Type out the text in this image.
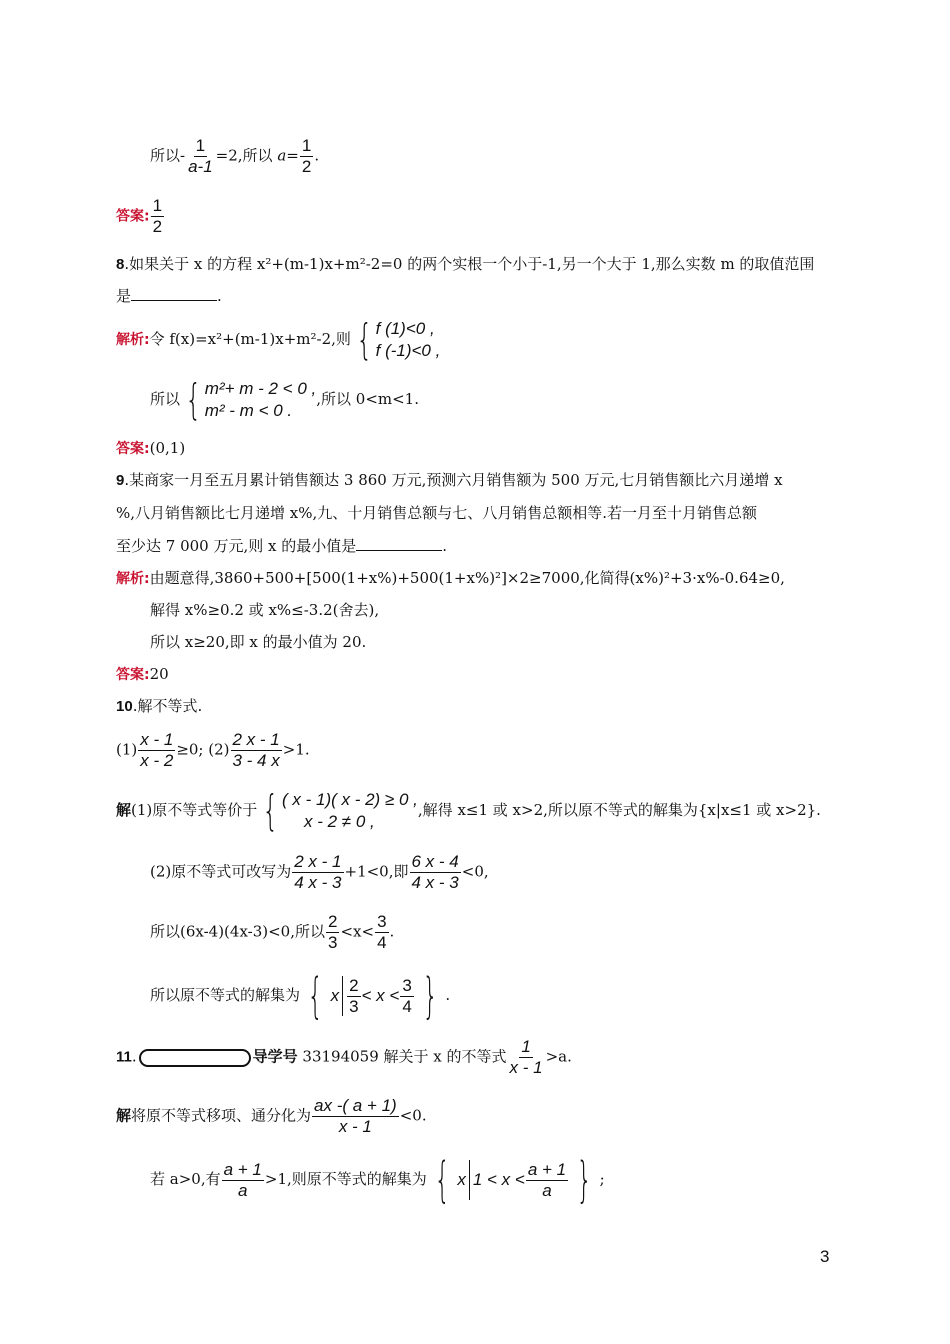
所以- $\frac{1}{a-1} =2$,所以 $a= \frac{1}{2}$ .
答案: $\frac{1}{2}$
8.如果关于 x 的方程 x²+(m-1)x+m²-2=0 的两个实根一个小于-1,另一个大于 1,那么实数 m 的取值范围
是	.
解析:令 f(x)=x²+(m-1)x+m²-2,则 { f (1)<0 ,
f (-1)<0 ,
所以 { m²+ m - 2 < 0 ,
m² - m < 0 .
,所以 0<m<1.
答案:(0,1)
9.某商家一月至五月累计销售额达 3 860 万元,预测六月销售额为 500 万元,七月销售额比六月递增 x
%,八月销售额比七月递增 x%,九、十月销售总额与七、八月销售总额相等.若一月至十月销售总额
至少达 7 000 万元,则 x 的最小值是	.
解析:由题意得,3860+500+[500(1+x%)+500(1+x%)²]×2≥7000,化简得(x%)²+3·x%-0.64≥0,
解得 x%≥0.2 或 x%≤-3.2(舍去),
所以 x≥20,即 x 的最小值为 20.
答案:20
10.解不等式.
$(1) \frac{x - 1}{x - 2} \ge 0$; $(2) \frac{2 x - 1}{3 - 4 x} >1$.
解(1)原不等式等价于 { ( x - 1)( x - 2) ≥ 0 ,
x - 2 ≠ 0 ,
,解得 x≤1 或 x>2,所以原不等式的解集为{x|x≤1 或 x>2}.
(2)原不等式可改写为 $\frac{2 x - 1}{4 x - 3} +1<0$,即 $\frac{6 x - 4}{4 x - 3} <0$,
所以(6x-4)(4x-3)<0,所以 $\frac{2}{3} <x< \frac{3}{4}$ .
所以原不等式的解集为 { x $\frac{2}{3} < x < \frac{3}{4}$ } .
11.	导学号 33194059 解关于 x 的不等式 $\frac{1}{x - 1} >a$.
解将原不等式移项、通分化为 $\frac{ax -( a + 1)}{x - 1} <0$.
若 a>0,有 $\frac{a + 1}{a} >1$,则原不等式的解集为 { x $1 < x < \frac{a + 1}{a}$ } ;
3
